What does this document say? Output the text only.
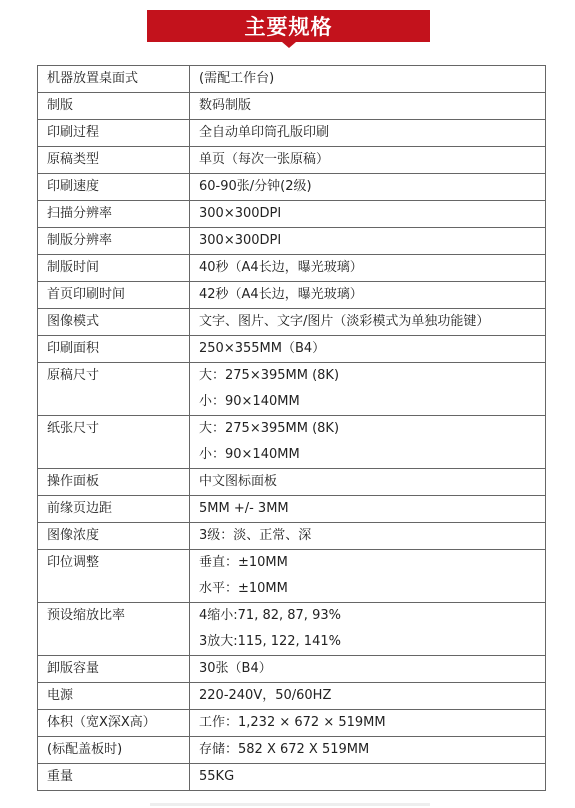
主要规格
机器放置桌面式	(需配工作台)

制版	数码制版

印刷过程	全自动单印筒孔版印刷

原稿类型	单页（每次一张原稿）

印刷速度	60-90张/分钟(2级)

扫描分辨率	300×300DPI

制版分辨率	300×300DPI

制版时间	40秒（A4长边，曝光玻璃）

首页印刷时间	42秒（A4长边，曝光玻璃）

图像模式	文字、图片、文字/图片（淡彩模式为单独功能键）

印刷面积	250×355MM（B4）

原稿尺寸	大：275×395MM (8K)
小：90×140MM

纸张尺寸	大：275×395MM (8K)
小：90×140MM

操作面板	中文图标面板

前缘页边距	5MM +/- 3MM

图像浓度	3级：淡、正常、深

印位调整	垂直：±10MM
水平：±10MM

预设缩放比率	4缩小:71, 82, 87, 93%
3放大:115, 122, 141%

卸版容量	30张（B4）

电源	220-240V，50/60HZ

体积（宽X深X高）	工作：1,232 × 672 × 519MM

(标配盖板时)	存储：582 X 672 X 519MM

重量	55KG
